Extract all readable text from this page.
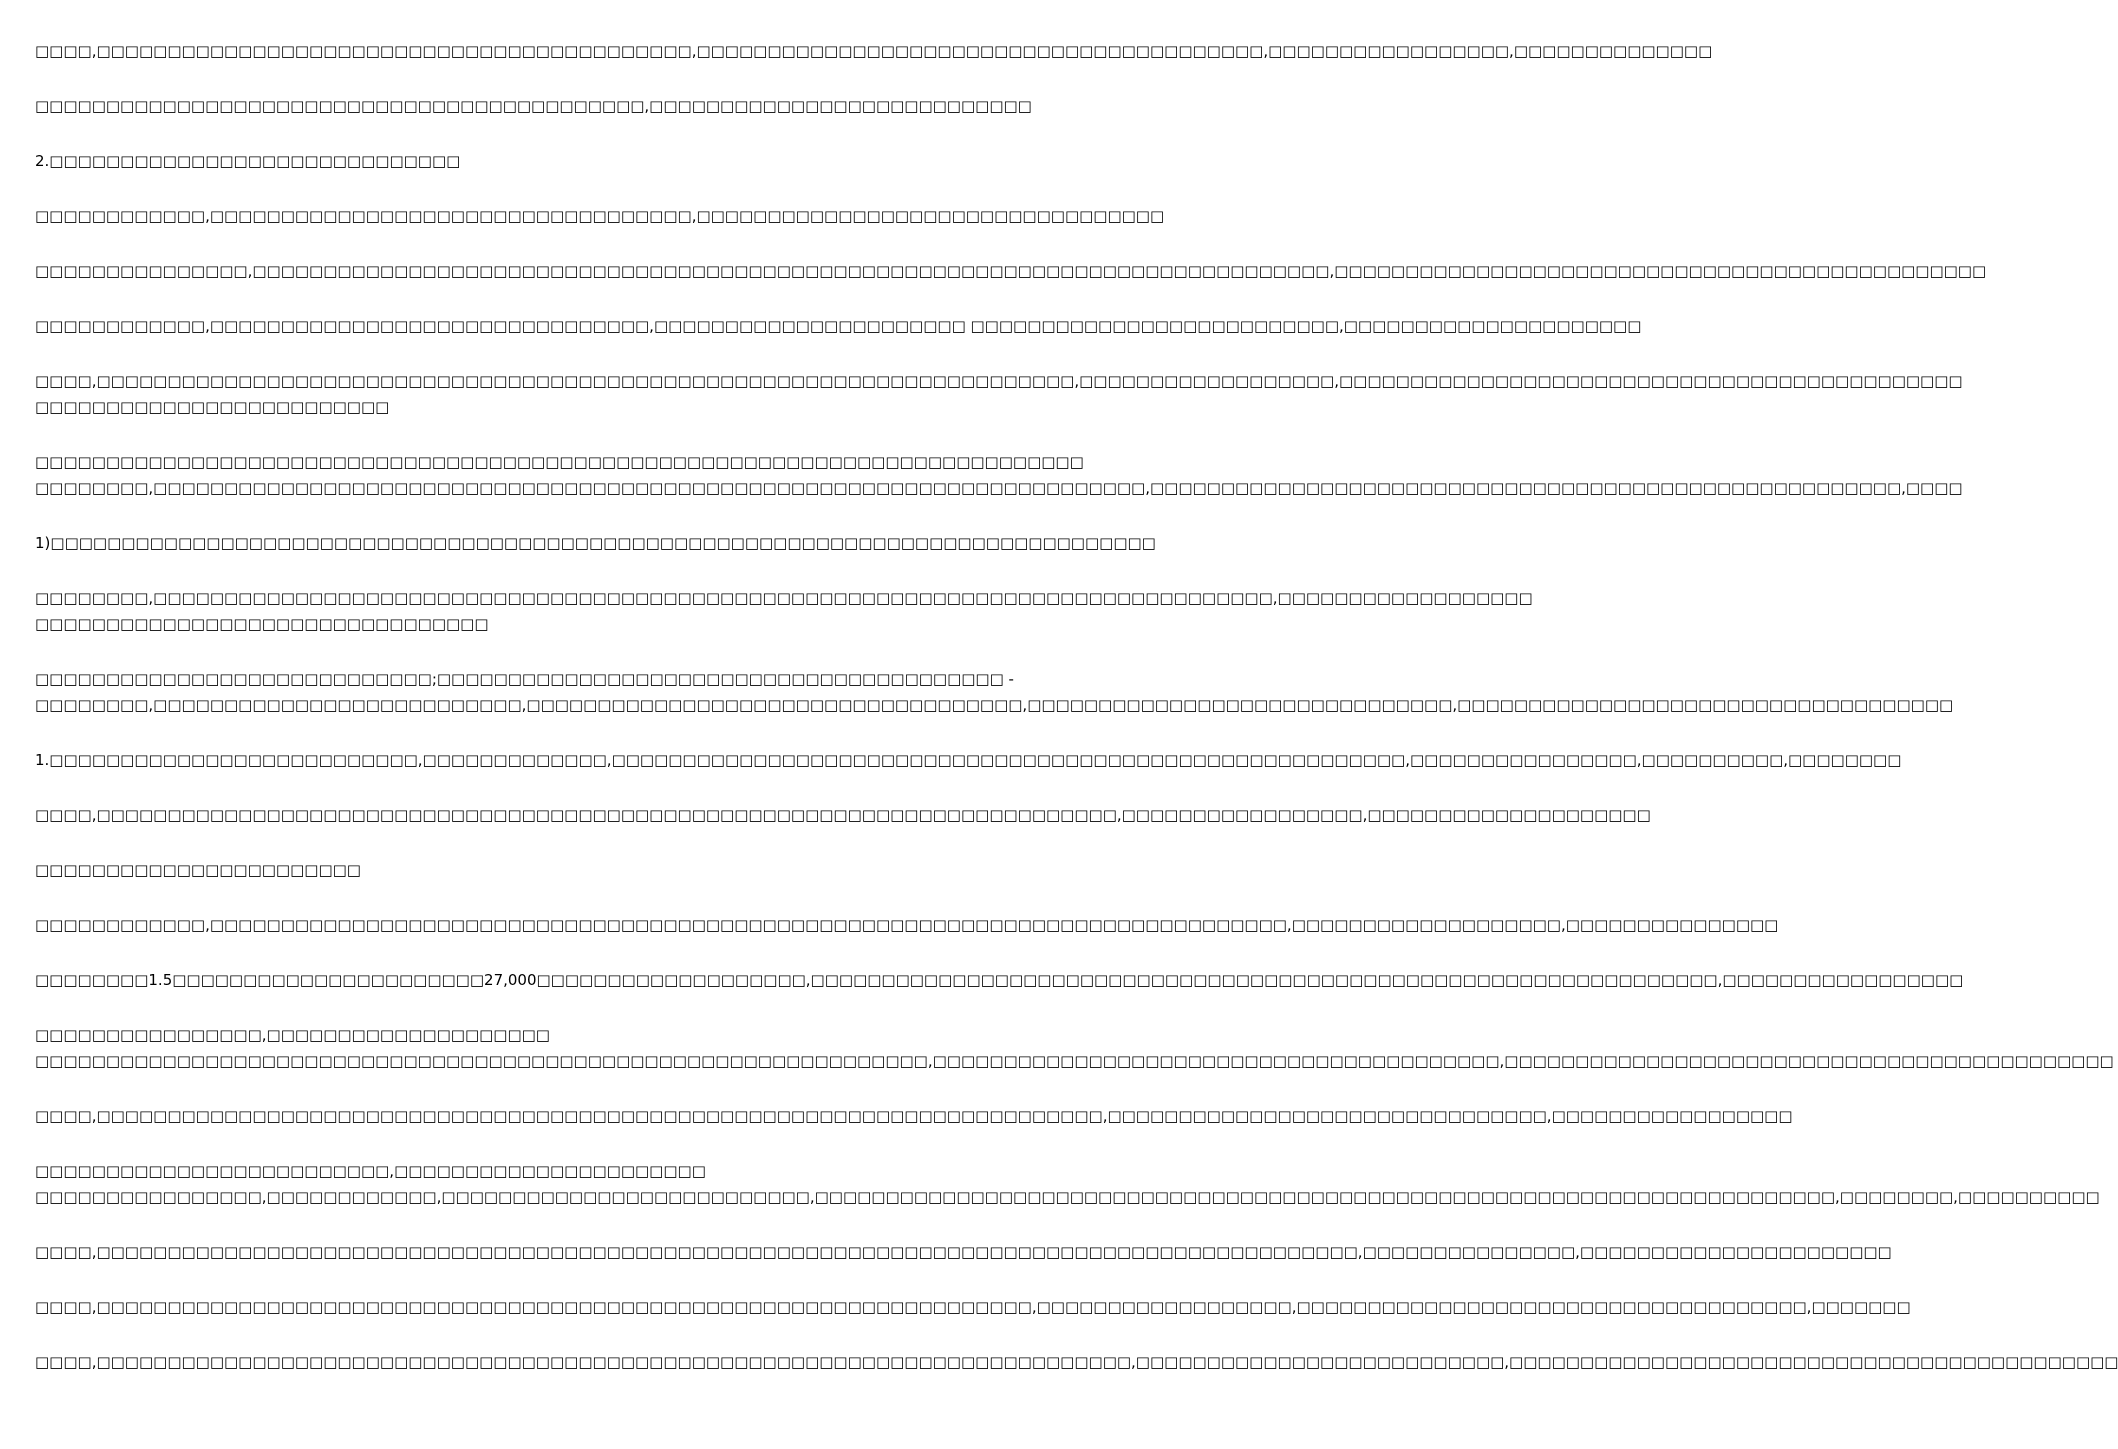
□□□□,□□□□□□□□□□□□□□□□□□□□□□□□□□□□□□□□□□□□□□□□□□,□□□□□□□□□□□□□□□□□□□□□□□□□□□□□□□□□□□□□□□□,□□□□□□□□□□□□□□□□□,□□□□□□□□□□□□□□

□□□□□□□□□□□□□□□□□□□□□□□□□□□□□□□□□□□□□□□□□□□,□□□□□□□□□□□□□□□□□□□□□□□□□□□

2.□□□□□□□□□□□□□□□□□□□□□□□□□□□□□

□□□□□□□□□□□□,□□□□□□□□□□□□□□□□□□□□□□□□□□□□□□□□□□,□□□□□□□□□□□□□□□□□□□□□□□□□□□□□□□□□

□□□□□□□□□□□□□□□,□□□□□□□□□□□□□□□□□□□□□□□□□□□□□□□□□□□□□□□□□□□□□□□□□□□□□□□□□□□□□□□□□□□□□□□□□□□□,□□□□□□□□□□□□□□□□□□□□□□□□□□□□□□□□□□□□□□□□□□□□□□

□□□□□□□□□□□□,□□□□□□□□□□□□□□□□□□□□□□□□□□□□□□□,□□□□□□□□□□□□□□□□□□□□□□ □□□□□□□□□□□□□□□□□□□□□□□□□□,□□□□□□□□□□□□□□□□□□□□□

□□□□,□□□□□□□□□□□□□□□□□□□□□□□□□□□□□□□□□□□□□□□□□□□□□□□□□□□□□□□□□□□□□□□□□□□□□,□□□□□□□□□□□□□□□□□□,□□□□□□□□□□□□□□□□□□□□□□□□□□□□□□□□□□□□□□□□□□□□

□□□□□□□□□□□□□□□□□□□□□□□□□

□□□□□□□□□□□□□□□□□□□□□□□□□□□□□□□□□□□□□□□□□□□□□□□□□□□□□□□□□□□□□□□□□□□□□□□□□□

□□□□□□□□,□□□□□□□□□□□□□□□□□□□□□□□□□□□□□□□□□□□□□□□□□□□□□□□□□□□□□□□□□□□□□□□□□□□□□□,□□□□□□□□□□□□□□□□□□□□□□□□□□□□□□□□□□□□□□□□□□□□□□□□□□□□□,□□□□

1)□□□□□□□□□□□□□□□□□□□□□□□□□□□□□□□□□□□□□□□□□□□□□□□□□□□□□□□□□□□□□□□□□□□□□□□□□□□□□□

□□□□□□□□,□□□□□□□□□□□□□□□□□□□□□□□□□□□□□□□□□□□□□□□□□□□□□□□□□□□□□□□□□□□□□□□□□□□□□□□□□□□□□□□,□□□□□□□□□□□□□□□□□□

□□□□□□□□□□□□□□□□□□□□□□□□□□□□□□□□

□□□□□□□□□□□□□□□□□□□□□□□□□□□□;□□□□□□□□□□□□□□□□□□□□□□□□□□□□□□□□□□□□□□□□ -

□□□□□□□□,□□□□□□□□□□□□□□□□□□□□□□□□□□,□□□□□□□□□□□□□□□□□□□□□□□□□□□□□□□□□□□,□□□□□□□□□□□□□□□□□□□□□□□□□□□□□□,□□□□□□□□□□□□□□□□□□□□□□□□□□□□□□□□□□□

1.□□□□□□□□□□□□□□□□□□□□□□□□□□,□□□□□□□□□□□□□,□□□□□□□□□□□□□□□□□□□□□□□□□□□□□□□□□□□□□□□□□□□□□□□□□□□□□□□□,□□□□□□□□□□□□□□□□,□□□□□□□□□□,□□□□□□□□

□□□□,□□□□□□□□□□□□□□□□□□□□□□□□□□□□□□□□□□□□□□□□□□□□□□□□□□□□□□□□□□□□□□□□□□□□□□□□,□□□□□□□□□□□□□□□□□,□□□□□□□□□□□□□□□□□□□□

□□□□□□□□□□□□□□□□□□□□□□□

□□□□□□□□□□□□,□□□□□□□□□□□□□□□□□□□□□□□□□□□□□□□□□□□□□□□□□□□□□□□□□□□□□□□□□□□□□□□□□□□□□□□□□□□□,□□□□□□□□□□□□□□□□□□□,□□□□□□□□□□□□□□□

□□□□□□□□1.5□□□□□□□□□□□□□□□□□□□□□□27,000□□□□□□□□□□□□□□□□□□□,□□□□□□□□□□□□□□□□□□□□□□□□□□□□□□□□□□□□□□□□□□□□□□□□□□□□□□□□□□□□□□□□,□□□□□□□□□□□□□□□□□

□□□□□□□□□□□□□□□□,□□□□□□□□□□□□□□□□□□□□

□□□□□□□□□□□□□□□□□□□□□□□□□□□□□□□□□□□□□□□□□□□□□□□□□□□□□□□□□□□□□□□,□□□□□□□□□□□□□□□□□□□□□□□□□□□□□□□□□□□□□□□□,□□□□□□□□□□□□□□□□□□□□□□□□□□□□□□□□□□□□□□□□□□□

□□□□,□□□□□□□□□□□□□□□□□□□□□□□□□□□□□□□□□□□□□□□□□□□□□□□□□□□□□□□□□□□□□□□□□□□□□□□,□□□□□□□□□□□□□□□□□□□□□□□□□□□□□□□,□□□□□□□□□□□□□□□□□

□□□□□□□□□□□□□□□□□□□□□□□□□,□□□□□□□□□□□□□□□□□□□□□□

□□□□□□□□□□□□□□□□,□□□□□□□□□□□□,□□□□□□□□□□□□□□□□□□□□□□□□□□,□□□□□□□□□□□□□□□□□□□□□□□□□□□□□□□□□□□□□□□□□□□□□□□□□□□□□□□□□□□□□□□□□□□□□□□□,□□□□□□□□,□□□□□□□□□□

□□□□,□□□□□□□□□□□□□□□□□□□□□□□□□□□□□□□□□□□□□□□□□□□□□□□□□□□□□□□□□□□□□□□□□□□□□□□□□□□□□□□□□□□□□□□□□,□□□□□□□□□□□□□□□,□□□□□□□□□□□□□□□□□□□□□□

□□□□,□□□□□□□□□□□□□□□□□□□□□□□□□□□□□□□□□□□□□□□□□□□□□□□□□□□□□□□□□□□□□□□□□□,□□□□□□□□□□□□□□□□□□,□□□□□□□□□□□□□□□□□□□□□□□□□□□□□□□□□□□□,□□□□□□□

□□□□,□□□□□□□□□□□□□□□□□□□□□□□□□□□□□□□□□□□□□□□□□□□□□□□□□□□□□□□□□□□□□□□□□□□□□□□□□,□□□□□□□□□□□□□□□□□□□□□□□□□□,□□□□□□□□□□□□□□□□□□□□□□□□□□□□□□□□□□□□□□□□□□□
